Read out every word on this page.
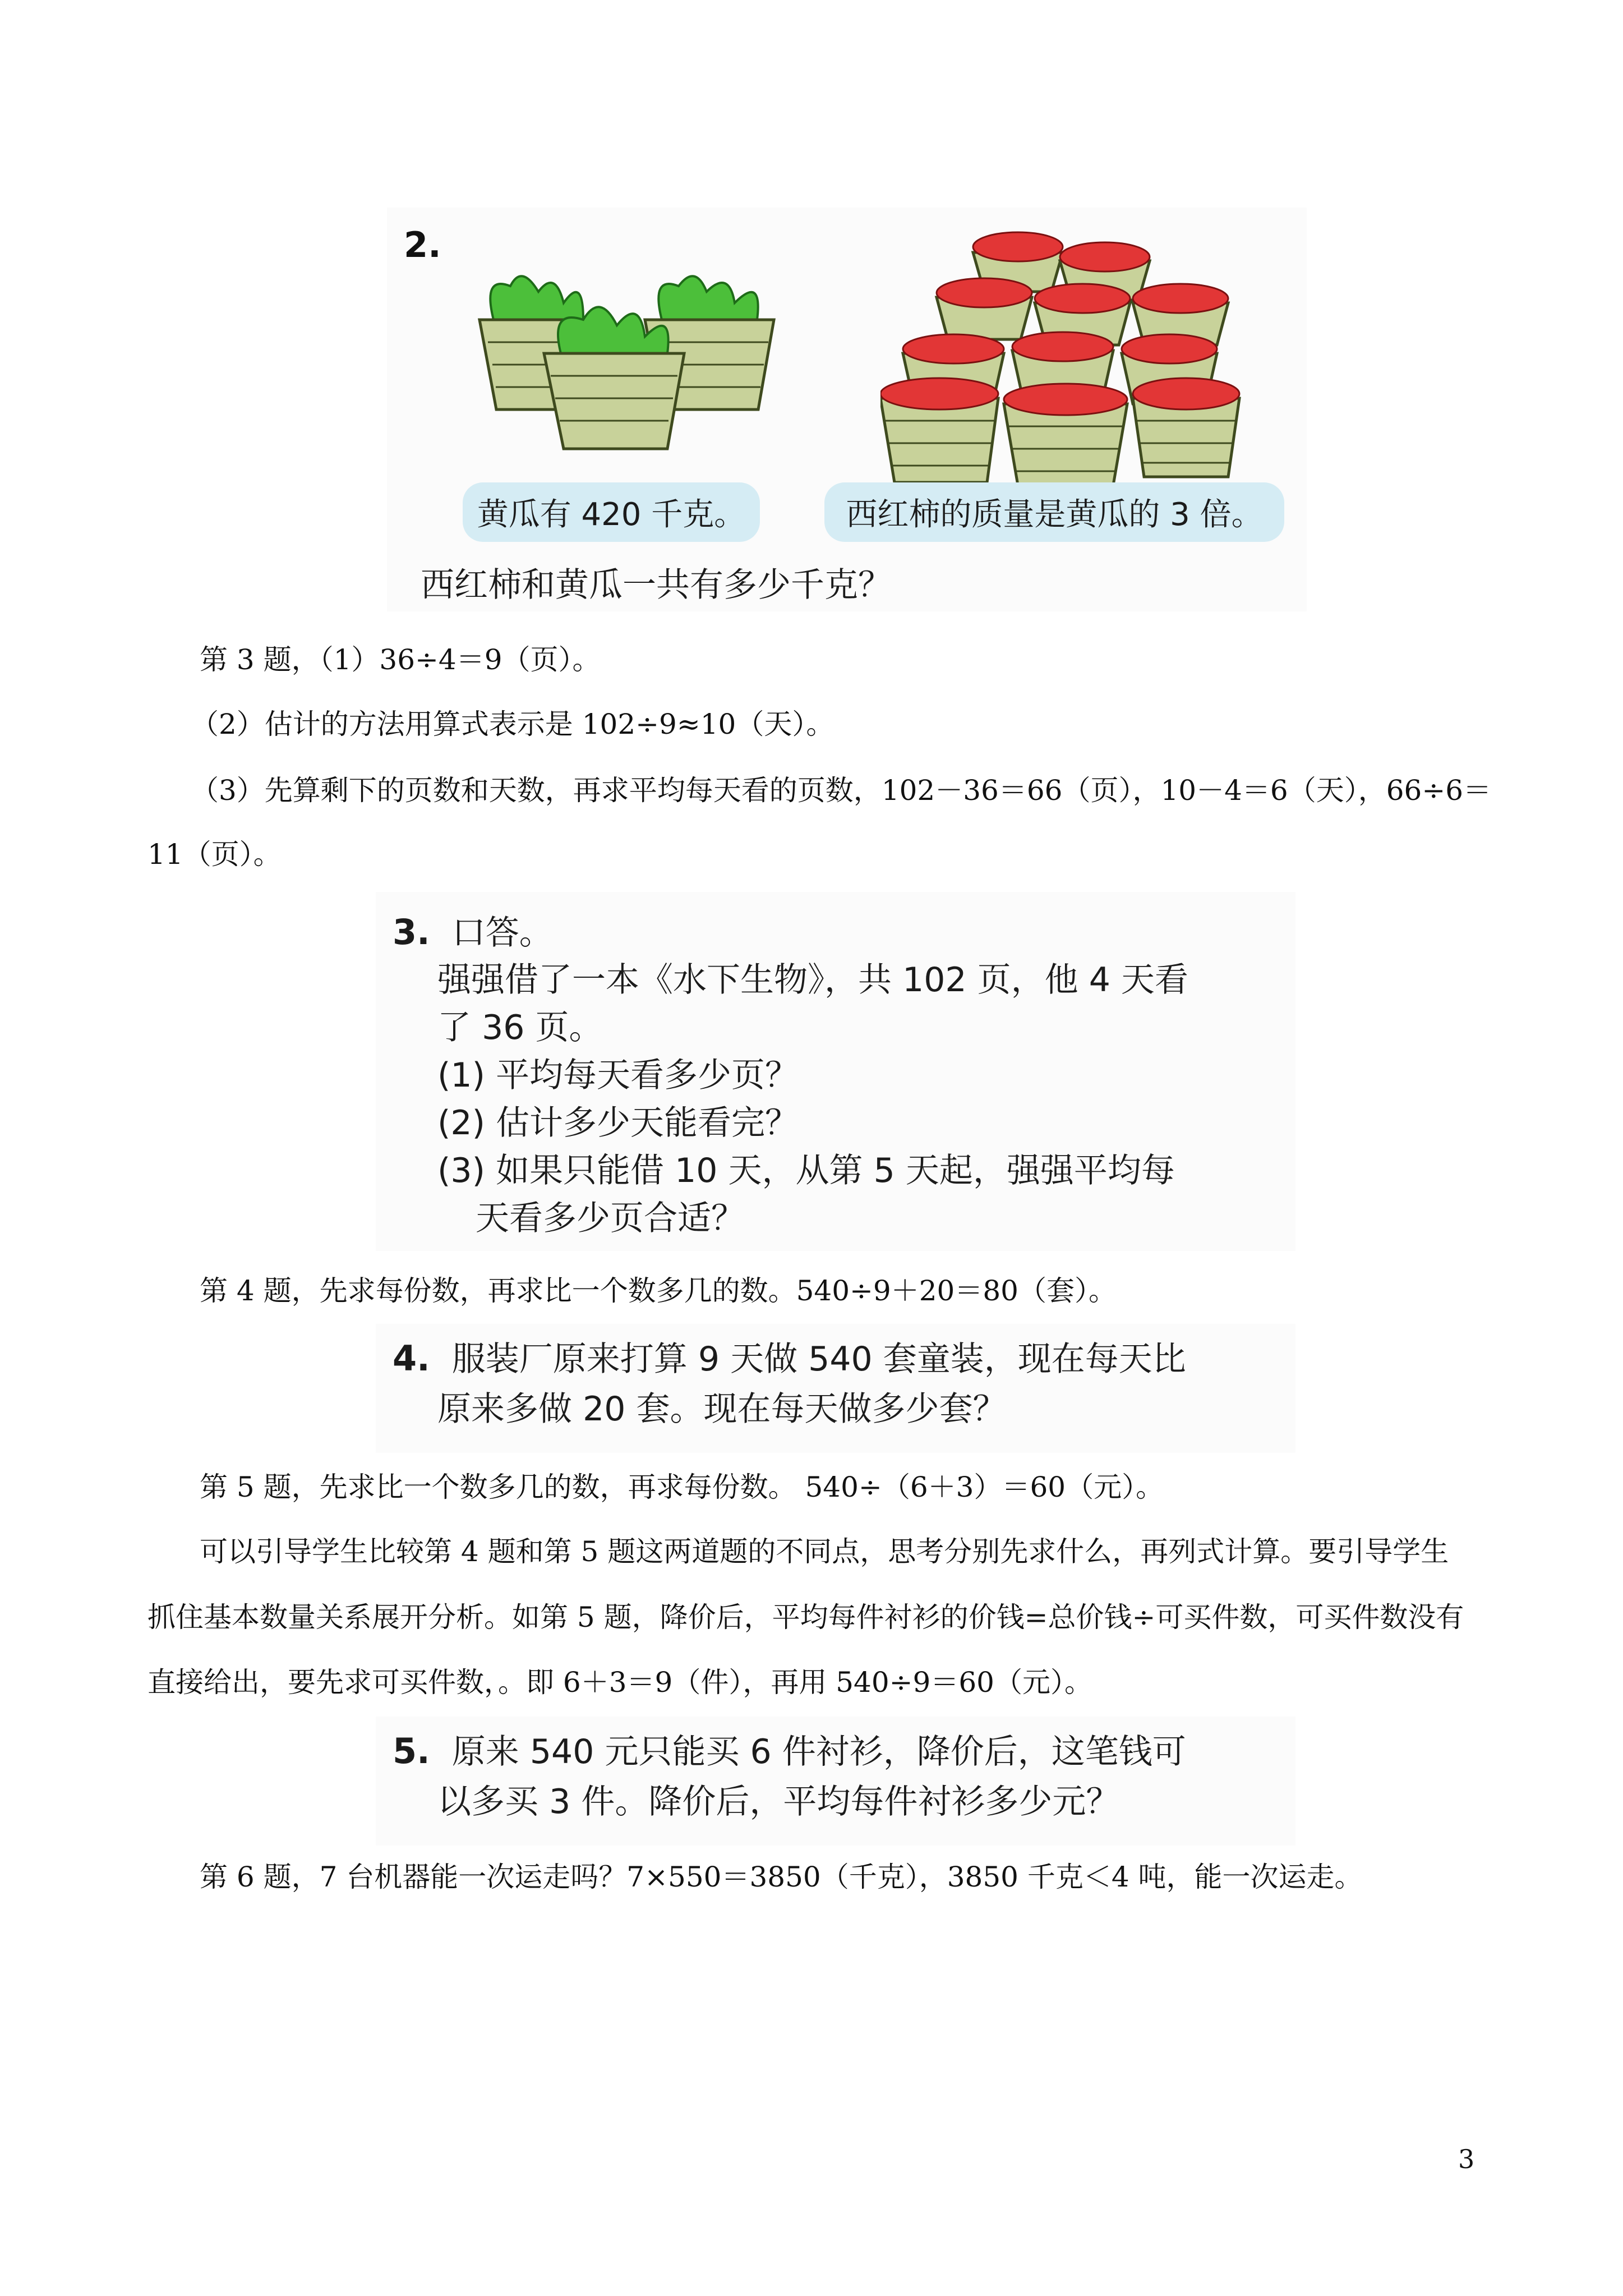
2.
黄瓜有 420 千克。	西红柿的质量是黄瓜的 3 倍。
西红柿和黄瓜一共有多少千克？
第 3 题，（1）36÷4＝9（页）。
（2）估计的方法用算式表示是 102÷9≈10（天）。
（3）先算剩下的页数和天数，再求平均每天看的页数，102－36＝66（页），10－4＝6（天），66÷6＝
11（页）。
3. 口答。
强强借了一本《水下生物》，共 102 页，他 4 天看
了 36 页。
(1) 平均每天看多少页？
(2) 估计多少天能看完？
(3) 如果只能借 10 天，从第 5 天起，强强平均每
天看多少页合适？
第 4 题，先求每份数，再求比一个数多几的数。540÷9＋20＝80（套）。
4. 服装厂原来打算 9 天做 540 套童装，现在每天比
原来多做 20 套。现在每天做多少套？
第 5 题，先求比一个数多几的数，再求每份数。 540÷（6＋3）＝60（元）。
可以引导学生比较第 4 题和第 5 题这两道题的不同点，思考分别先求什么，再列式计算。要引导学生
抓住基本数量关系展开分析。如第 5 题，降价后，平均每件衬衫的价钱=总价钱÷可买件数，可买件数没有
直接给出，要先求可买件数，。即 6＋3＝9（件），再用 540÷9＝60（元）。
5. 原来 540 元只能买 6 件衬衫，降价后，这笔钱可
以多买 3 件。降价后，平均每件衬衫多少元？
第 6 题，7 台机器能一次运走吗？7×550＝3850（千克），3850 千克＜4 吨，能一次运走。
3
